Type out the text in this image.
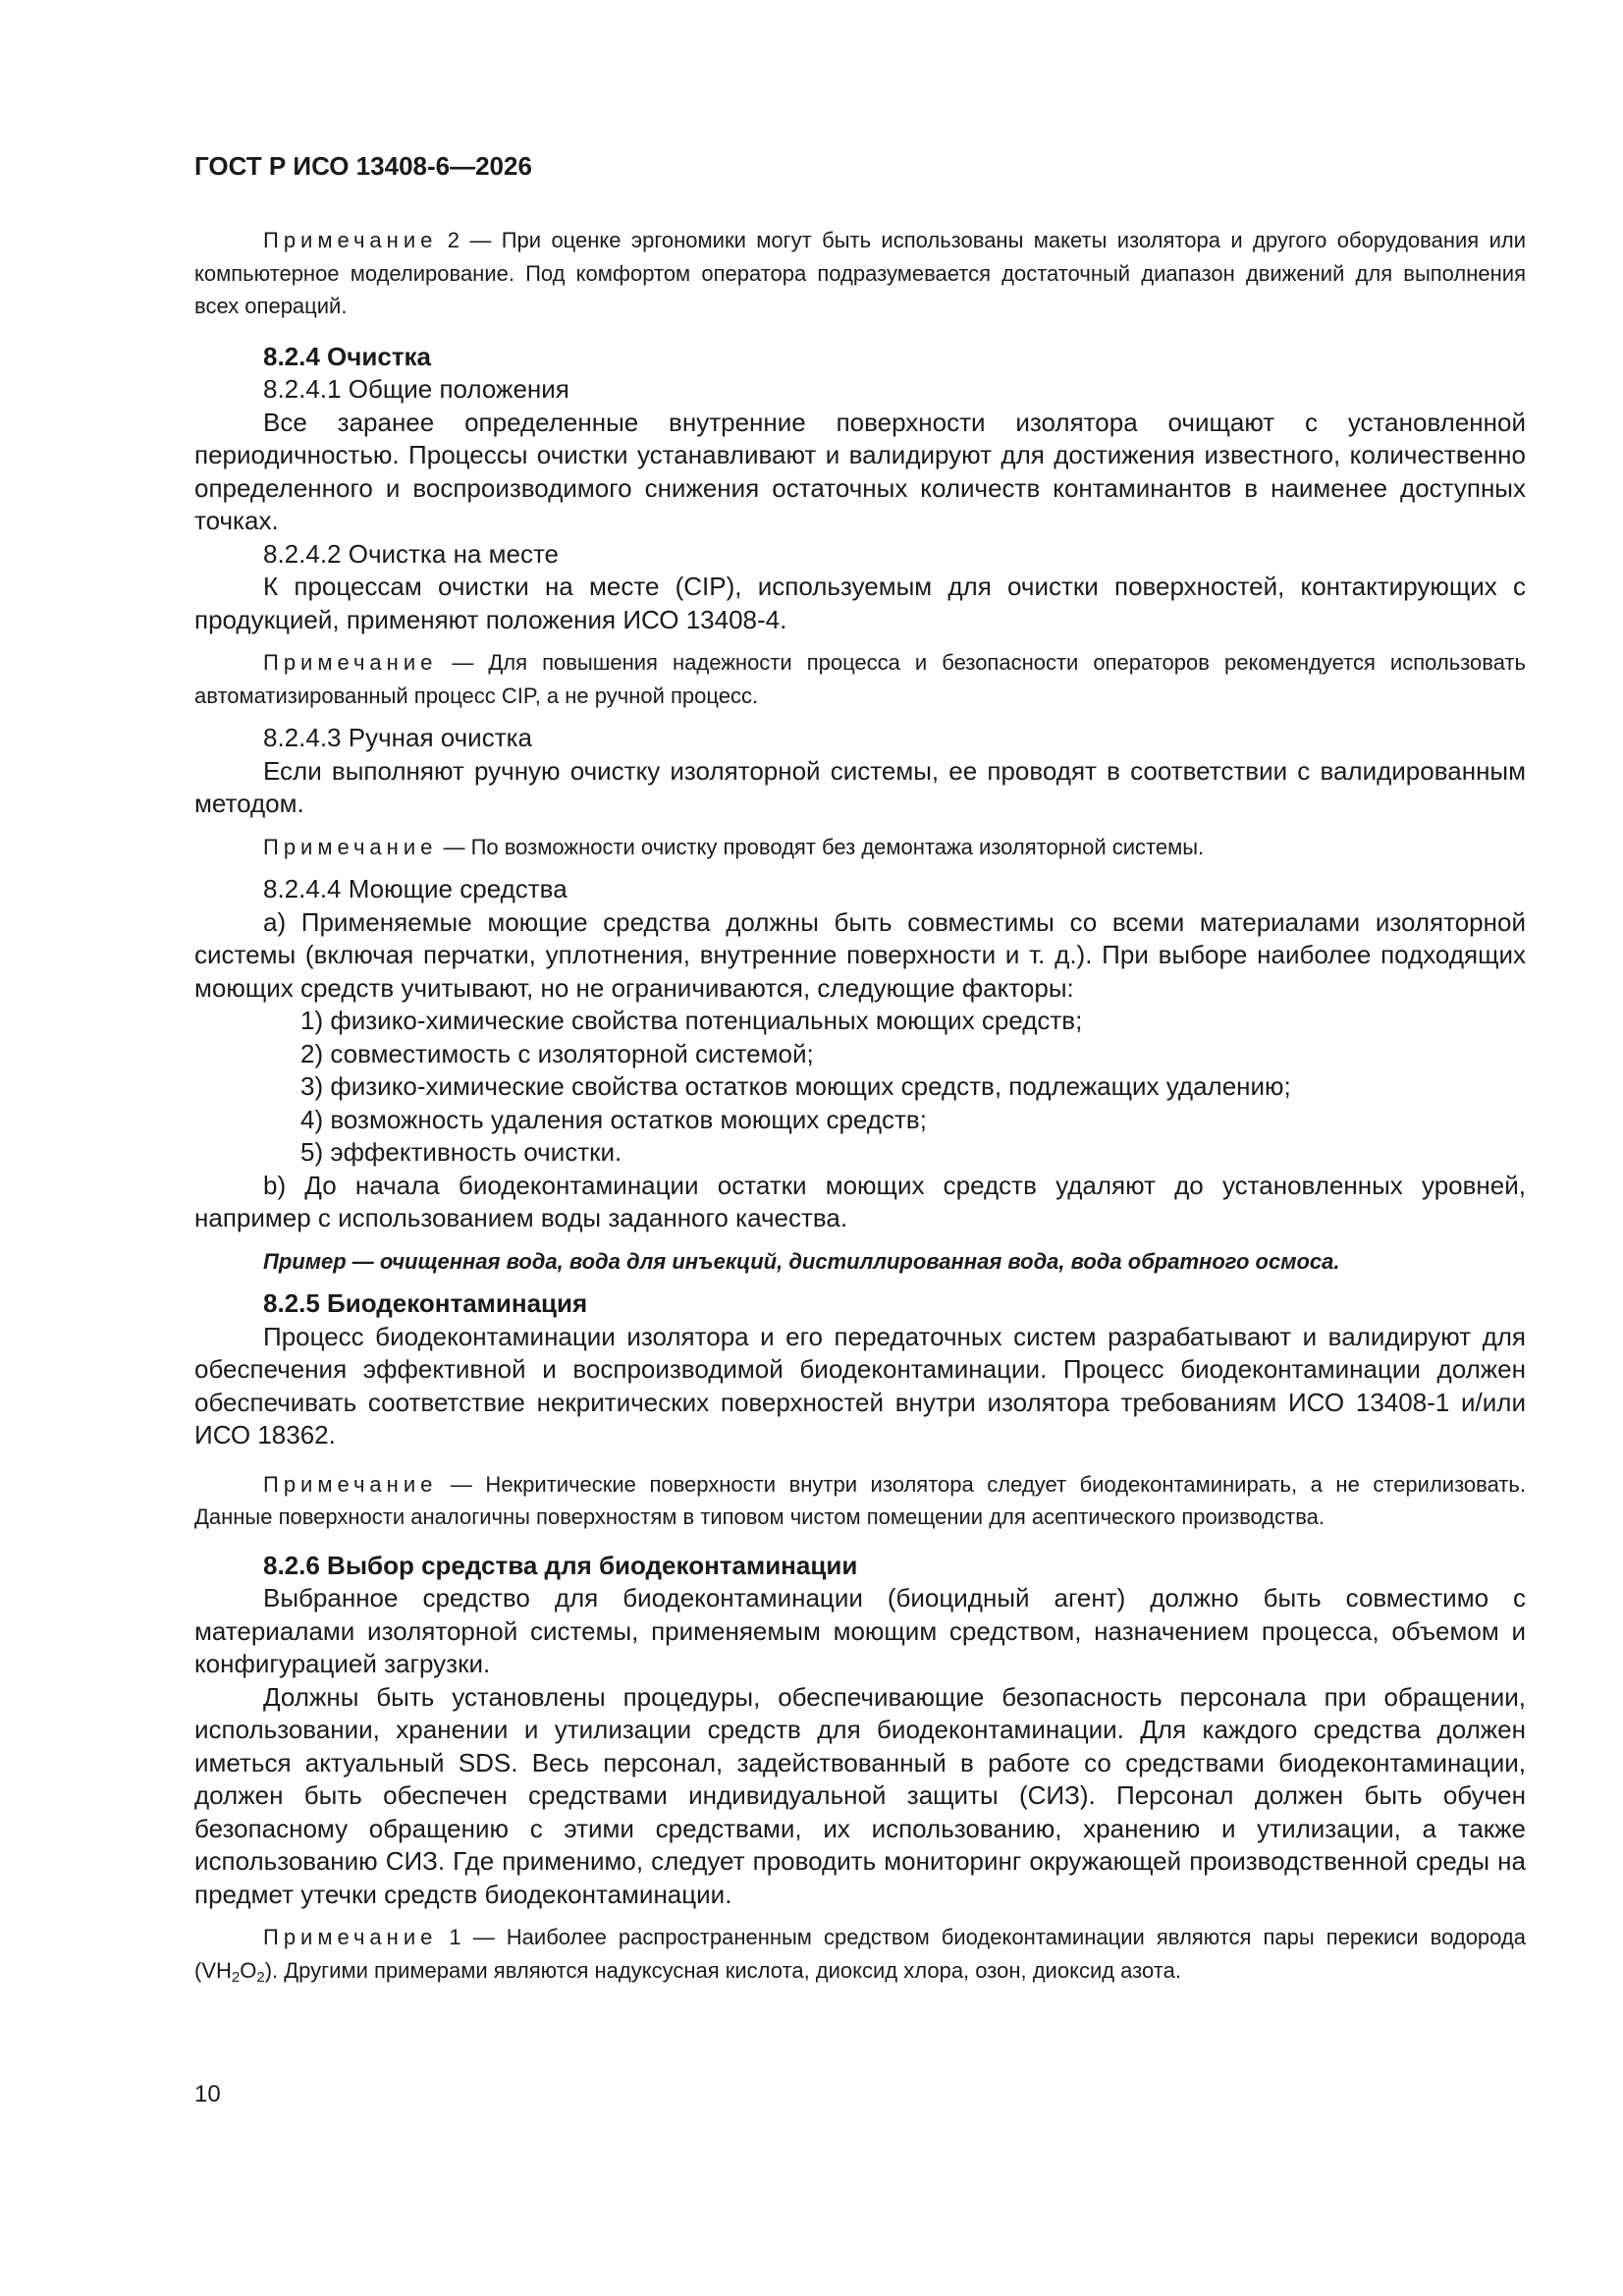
ГОСТ Р ИСО 13408-6—2026

Примечание 2 — При оценке эргономики могут быть использованы макеты изолятора и другого оборудования или компьютерное моделирование. Под комфортом оператора подразумевается достаточный диапазон движений для выполнения всех операций.

8.2.4 Очистка

8.2.4.1 Общие положения

Все заранее определенные внутренние поверхности изолятора очищают с установленной периодичностью. Процессы очистки устанавливают и валидируют для достижения известного, количественно определенного и воспроизводимого снижения остаточных количеств контаминантов в наименее доступных точках.

8.2.4.2 Очистка на месте

К процессам очистки на месте (CIP), используемым для очистки поверхностей, контактирующих с продукцией, применяют положения ИСО 13408-4.

Примечание — Для повышения надежности процесса и безопасности операторов рекомендуется использовать автоматизированный процесс CIP, а не ручной процесс.

8.2.4.3 Ручная очистка

Если выполняют ручную очистку изоляторной системы, ее проводят в соответствии с валидированным методом.

Примечание — По возможности очистку проводят без демонтажа изоляторной системы.

8.2.4.4 Моющие средства

a) Применяемые моющие средства должны быть совместимы со всеми материалами изоляторной системы (включая перчатки, уплотнения, внутренние поверхности и т. д.). При выборе наиболее подходящих моющих средств учитывают, но не ограничиваются, следующие факторы:

1) физико-химические свойства потенциальных моющих средств;

2) совместимость с изоляторной системой;

3) физико-химические свойства остатков моющих средств, подлежащих удалению;

4) возможность удаления остатков моющих средств;

5) эффективность очистки.

b) До начала биодеконтаминации остатки моющих средств удаляют до установленных уровней, например с использованием воды заданного качества.

Пример — очищенная вода, вода для инъекций, дистиллированная вода, вода обратного осмоса.

8.2.5 Биодеконтаминация

Процесс биодеконтаминации изолятора и его передаточных систем разрабатывают и валидируют для обеспечения эффективной и воспроизводимой биодеконтаминации. Процесс биодеконтаминации должен обеспечивать соответствие некритических поверхностей внутри изолятора требованиям ИСО 13408-1 и/или ИСО 18362.

Примечание — Некритические поверхности внутри изолятора следует биодеконтаминирать, а не стерилизовать. Данные поверхности аналогичны поверхностям в типовом чистом помещении для асептического производства.

8.2.6 Выбор средства для биодеконтаминации

Выбранное средство для биодеконтаминации (биоцидный агент) должно быть совместимо с материалами изоляторной системы, применяемым моющим средством, назначением процесса, объемом и конфигурацией загрузки.

Должны быть установлены процедуры, обеспечивающие безопасность персонала при обращении, использовании, хранении и утилизации средств для биодеконтаминации. Для каждого средства должен иметься актуальный SDS. Весь персонал, задействованный в работе со средствами биодеконтаминации, должен быть обеспечен средствами индивидуальной защиты (СИЗ). Персонал должен быть обучен безопасному обращению с этими средствами, их использованию, хранению и утилизации, а также использованию СИЗ. Где применимо, следует проводить мониторинг окружающей производственной среды на предмет утечки средств биодеконтаминации.

Примечание 1 — Наиболее распространенным средством биодеконтаминации являются пары перекиси водорода $(VH_2O_2)$. Другими примерами являются надуксусная кислота, диоксид хлора, озон, диоксид азота.

10
